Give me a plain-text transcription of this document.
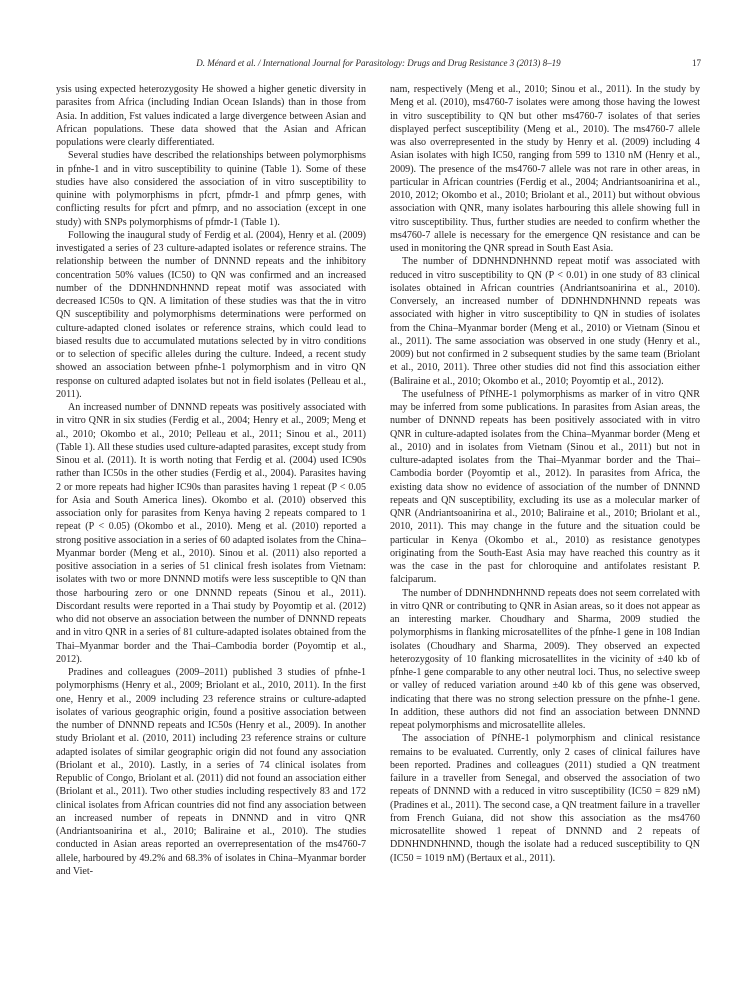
D. Ménard et al. / International Journal for Parasitology: Drugs and Drug Resistance 3 (2013) 8–19	17

ysis using expected heterozygosity He showed a higher genetic diversity in parasites from Africa (including Indian Ocean Islands) than in those from Asia. In addition, Fst values indicated a large divergence between Asian and African populations. These data showed that the Asian and African populations were clearly differentiated.

Several studies have described the relationships between polymorphisms in pfnhe-1 and in vitro susceptibility to quinine (Table 1). Some of these studies have also considered the association of in vitro susceptibility to quinine with polymorphisms in pfcrt, pfmdr-1 and pfmrp genes, with conflicting results for pfcrt and pfmrp, and no association (except in one study) with SNPs polymorphisms of pfmdr-1 (Table 1).

Following the inaugural study of Ferdig et al. (2004), Henry et al. (2009) investigated a series of 23 culture-adapted isolates or reference strains. The relationship between the number of DNNND repeats and the inhibitory concentration 50% values (IC50) to QN was confirmed and an increased number of the DDNHNDNHNND repeat motif was associated with decreased IC50s to QN. A limitation of these studies was that the in vitro QN susceptibility and polymorphisms determinations were performed on culture-adapted cloned isolates or reference strains, which could lead to biased results due to accumulated mutations selected by in vitro conditions or to selection of specific alleles during the culture. Indeed, a recent study showed an association between pfnhe-1 polymorphism and in vitro QN response on cultured adapted isolates but not in field isolates (Pelleau et al., 2011).

An increased number of DNNND repeats was positively associated with in vitro QNR in six studies (Ferdig et al., 2004; Henry et al., 2009; Meng et al., 2010; Okombo et al., 2010; Pelleau et al., 2011; Sinou et al., 2011) (Table 1). All these studies used culture-adapted parasites, except study from Sinou et al. (2011). It is worth noting that Ferdig et al. (2004) used IC90s rather than IC50s in the other studies (Ferdig et al., 2004). Parasites having 2 or more repeats had higher IC90s than parasites having 1 repeat (P < 0.05 for Asia and South America lines). Okombo et al. (2010) observed this association only for parasites from Kenya having 2 repeats compared to 1 repeat (P < 0.05) (Okombo et al., 2010). Meng et al. (2010) reported a strong positive association in a series of 60 adapted isolates from the China–Myanmar border (Meng et al., 2010). Sinou et al. (2011) also reported a positive association in a series of 51 clinical fresh isolates from Vietnam: isolates with two or more DNNND motifs were less susceptible to QN than those harbouring zero or one DNNND repeats (Sinou et al., 2011). Discordant results were reported in a Thai study by Poyomtip et al. (2012) who did not observe an association between the number of DNNND repeats and in vitro QNR in a series of 81 culture-adapted isolates obtained from the Thai–Myanmar border and the Thai–Cambodia border (Poyomtip et al., 2012).

Pradines and colleagues (2009–2011) published 3 studies of pfnhe-1 polymorphisms (Henry et al., 2009; Briolant et al., 2010, 2011). In the first one, Henry et al., 2009 including 23 reference strains or culture-adapted isolates of various geographic origin, found a positive association between the number of DNNND repeats and IC50s (Henry et al., 2009). In another study Briolant et al. (2010, 2011) including 23 reference strains or culture adapted isolates of similar geographic origin did not found any association (Briolant et al., 2010). Lastly, in a series of 74 clinical isolates from Republic of Congo, Briolant et al. (2011) did not found an association either (Briolant et al., 2011). Two other studies including respectively 83 and 172 clinical isolates from African countries did not find any association between an increased number of repeats in DNNND and in vitro QNR (Andriantsoanirina et al., 2010; Baliraine et al., 2010). The studies conducted in Asian areas reported an overrepresentation of the ms4760-7 allele, harboured by 49.2% and 68.3% of isolates in China–Myanmar border and Viet-

nam, respectively (Meng et al., 2010; Sinou et al., 2011). In the study by Meng et al. (2010), ms4760-7 isolates were among those having the lowest in vitro susceptibility to QN but other ms4760-7 isolates of that series displayed perfect susceptibility (Meng et al., 2010). The ms4760-7 allele was also overrepresented in the study by Henry et al. (2009) including 4 Asian isolates with high IC50, ranging from 599 to 1310 nM (Henry et al., 2009). The presence of the ms4760-7 allele was not rare in other areas, in particular in African countries (Ferdig et al., 2004; Andriantsoanirina et al., 2010, 2012; Okombo et al., 2010; Briolant et al., 2011) but without obvious association with QNR, many isolates harbouring this allele showing full in vitro susceptibility. Thus, further studies are needed to confirm whether the ms4760-7 allele is necessary for the emergence QN resistance and can be used in monitoring the QNR spread in South East Asia.

The number of DDNHNDNHNND repeat motif was associated with reduced in vitro susceptibility to QN (P < 0.01) in one study of 83 clinical isolates obtained in African countries (Andriantsoanirina et al., 2010). Conversely, an increased number of DDNHNDNHNND repeats was associated with higher in vitro susceptibility to QN in studies of isolates from the China–Myanmar border (Meng et al., 2010) or Vietnam (Sinou et al., 2011). The same association was observed in one study (Henry et al., 2009) but not confirmed in 2 subsequent studies by the same team (Briolant et al., 2010, 2011). Three other studies did not find this association either (Baliraine et al., 2010; Okombo et al., 2010; Poyomtip et al., 2012).

The usefulness of PfNHE-1 polymorphisms as marker of in vitro QNR may be inferred from some publications. In parasites from Asian areas, the number of DNNND repeats has been positively associated with in vitro QNR in culture-adapted isolates from the China–Myanmar border (Meng et al., 2010) and in isolates from Vietnam (Sinou et al., 2011) but not in culture-adapted isolates from the Thai–Myanmar border and the Thai–Cambodia border (Poyomtip et al., 2012). In parasites from Africa, the existing data show no evidence of association of the number of DNNND repeats and QN susceptibility, excluding its use as a molecular marker of QNR (Andriantsoanirina et al., 2010; Baliraine et al., 2010; Briolant et al., 2010, 2011). This may change in the future and the situation could be particular in Kenya (Okombo et al., 2010) as resistance genotypes originating from the South-East Asia may have reached this country as it was the case in the past for chloroquine and antifolates resistant P. falciparum.

The number of DDNHNDNHNND repeats does not seem correlated with in vitro QNR or contributing to QNR in Asian areas, so it does not appear as an interesting marker. Choudhary and Sharma, 2009 studied the polymorphisms in flanking microsatellites of the pfnhe-1 gene in 108 Indian isolates (Choudhary and Sharma, 2009). They observed an expected heterozygosity of 10 flanking microsatellites in the vicinity of ±40 kb of pfnhe-1 gene comparable to any other neutral loci. Thus, no selective sweep or valley of reduced variation around ±40 kb of this gene was observed, indicating that there was no strong selection pressure on the pfnhe-1 gene. In addition, these authors did not find an association between DNNND repeat polymorphisms and microsatellite alleles.

The association of PfNHE-1 polymorphism and clinical resistance remains to be evaluated. Currently, only 2 cases of clinical failures have been reported. Pradines and colleagues (2011) studied a QN treatment failure in a traveller from Senegal, and observed the association of two repeats of DNNND with a reduced in vitro susceptibility (IC50 = 829 nM) (Pradines et al., 2011). The second case, a QN treatment failure in a traveller from French Guiana, did not show this association as the ms4760 microsatellite showed 1 repeat of DNNND and 2 repeats of DDNHNDNHNND, though the isolate had a reduced susceptibility to QN (IC50 = 1019 nM) (Bertaux et al., 2011).
